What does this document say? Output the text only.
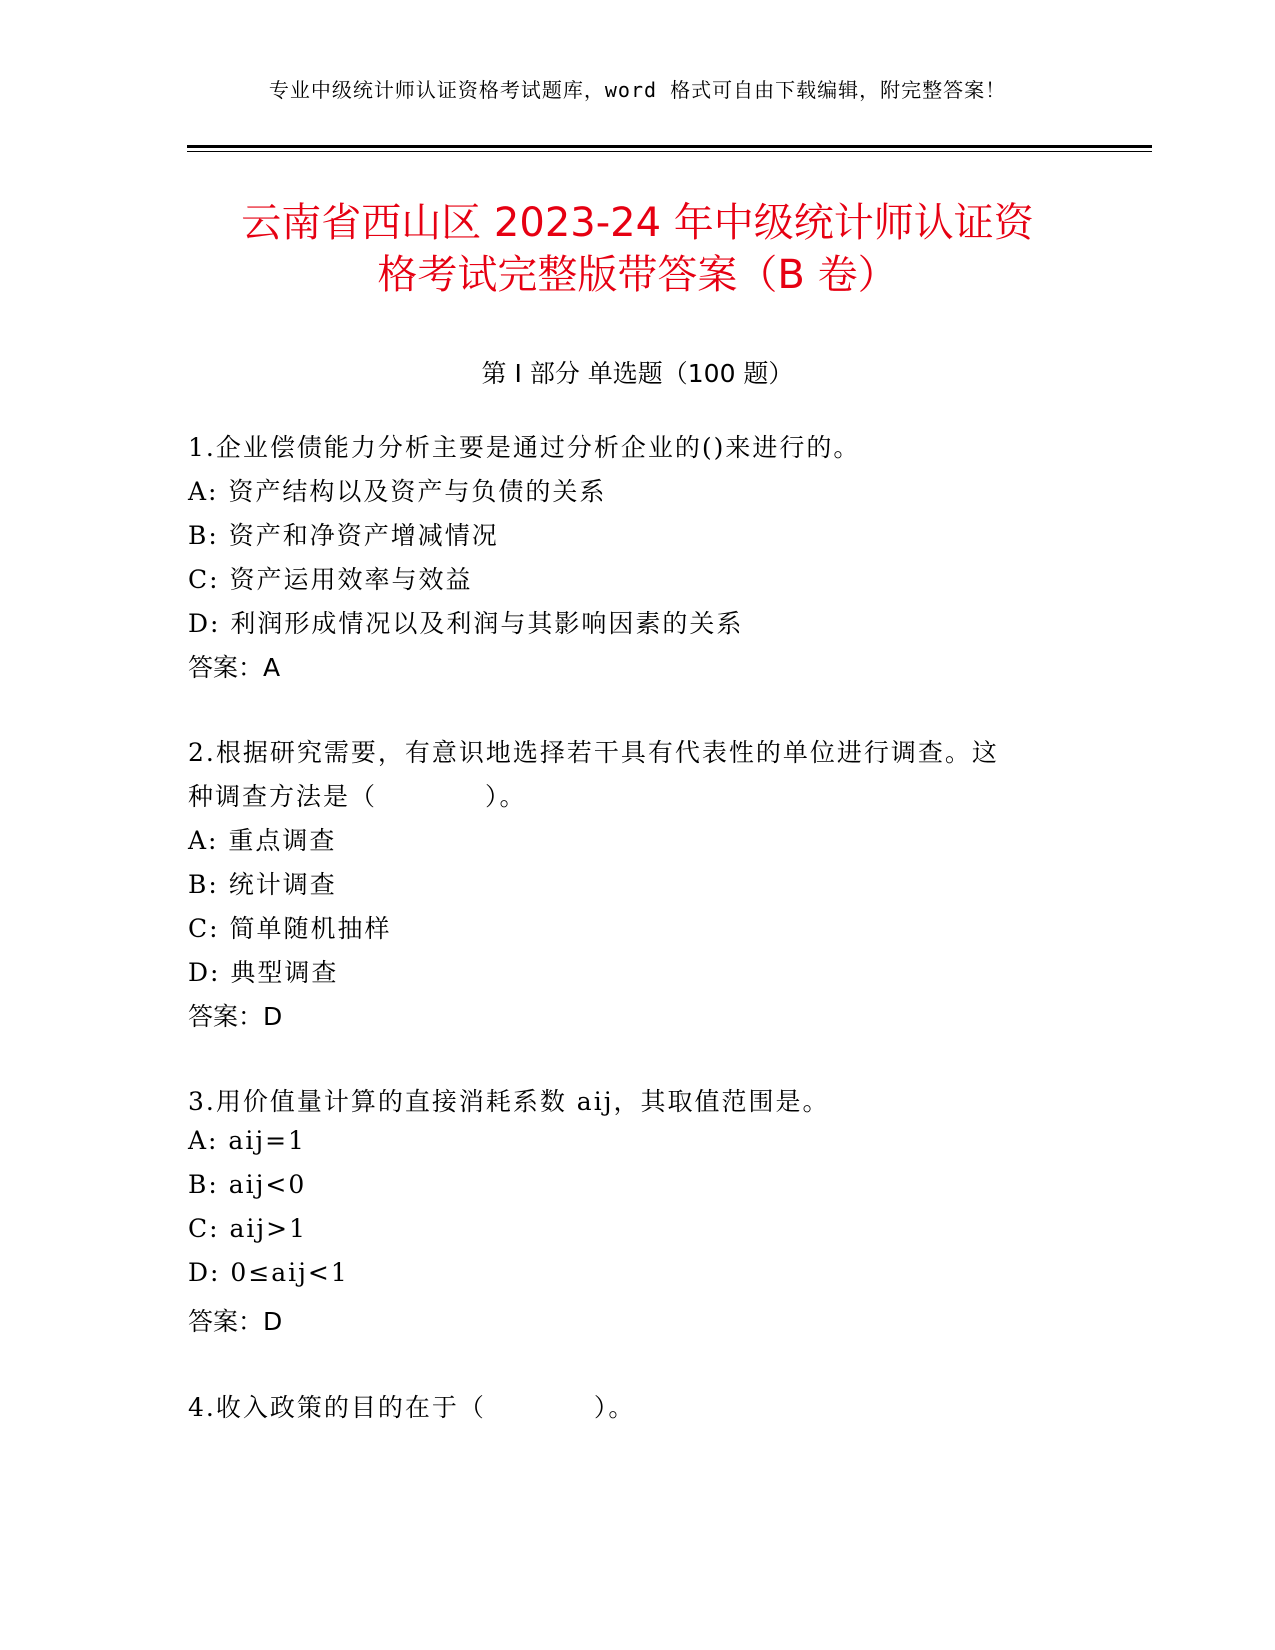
专业中级统计师认证资格考试题库，word 格式可自由下载编辑，附完整答案！
云南省西山区 2023-24 年中级统计师认证资
格考试完整版带答案（B 卷）
第 I 部分 单选题（100 题）
1.企业偿债能力分析主要是通过分析企业的()来进行的。
A: 资产结构以及资产与负债的关系
B: 资产和净资产增减情况
C: 资产运用效率与效益
D: 利润形成情况以及利润与其影响因素的关系
答案：A
2.根据研究需要，有意识地选择若干具有代表性的单位进行调查。这
种调查方法是（　　　　）。
A: 重点调查
B: 统计调查
C: 简单随机抽样
D: 典型调查
答案：D
3.用价值量计算的直接消耗系数 aij，其取值范围是。
A: aij=1
B: aij<0
C: aij>1
D: 0≤aij<1
答案：D
4.收入政策的目的在于（　　　　）。
